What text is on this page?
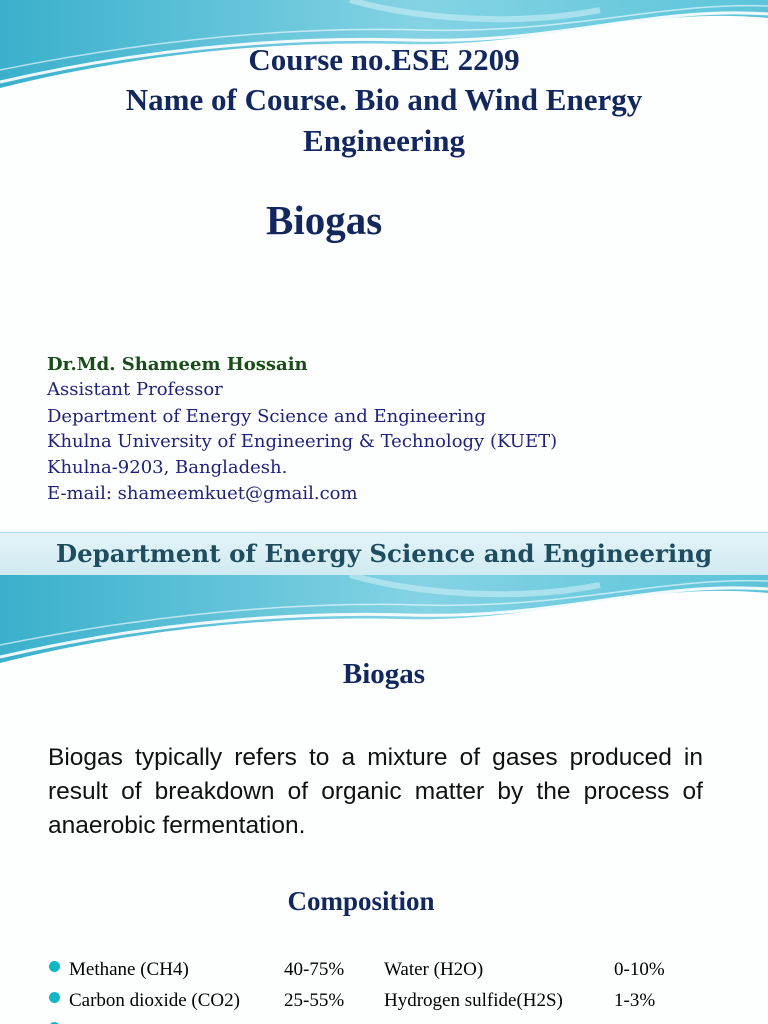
Course no.ESE 2209
Name of Course. Bio and Wind Energy
Engineering
Biogas
Dr.Md. Shameem Hossain
Assistant Professor
Department of Energy Science and Engineering
Khulna University of Engineering & Technology (KUET)
Khulna-9203, Bangladesh.
E-mail: shameemkuet@gmail.com
Department of Energy Science and Engineering
Biogas
Biogas typically refers to a mixture of gases produced in result of breakdown of organic matter by the process of anaerobic fermentation.
Composition
Methane (CH4)	40-75% Water (H2O)	0-10%
Carbon dioxide (CO2) 25-55% Hydrogen sulfide(H2S)	1-3%
